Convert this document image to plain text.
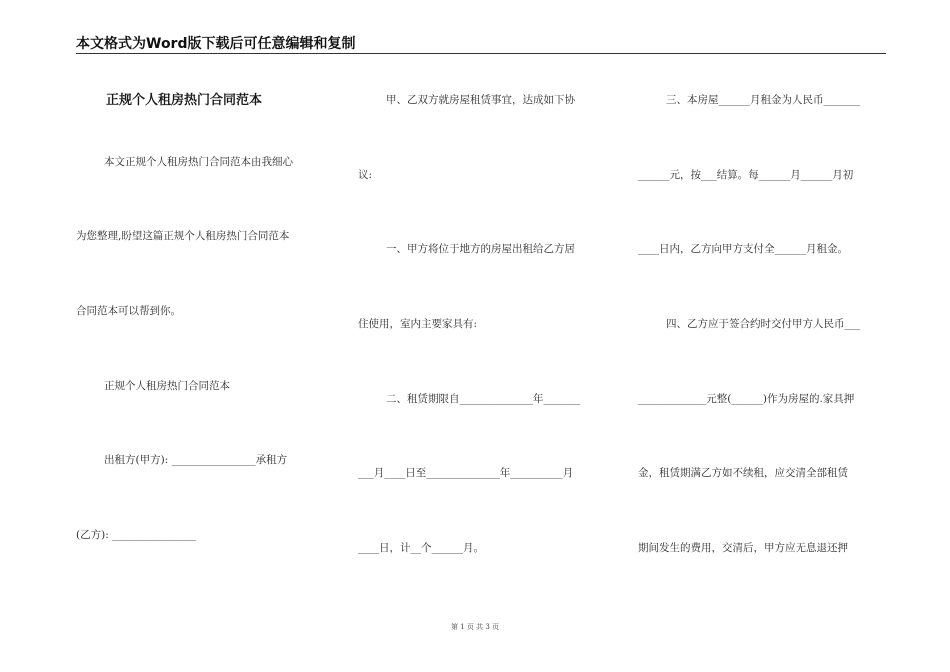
本文格式为Word版下载后可任意编辑和复制
正规个人租房热门合同范本
本文正规个人租房热门合同范本由我细心
为您整理,盼望这篇正规个人租房热门合同范本
合同范本可以帮到你。
正规个人租房热门合同范本
出租方(甲方): ________________承租方
(乙方): ________________
甲、乙双方就房屋租赁事宜，达成如下协
议:
一、甲方将位于地方的房屋出租给乙方居
住使用，室内主要家具有:
二、租赁期限自______________年_______
___月____日至______________年__________月
____日，计__个______月。
三、本房屋______月租金为人民币_______
______元，按___结算。每______月______月初
____日内，乙方向甲方支付全______月租金。
四、乙方应于签合约时交付甲方人民币___
_____________元整(______)作为房屋的.家具押
金，租赁期满乙方如不续租，应交清全部租赁
期间发生的费用，交清后，甲方应无息退还押
第 1 页 共 3 页
